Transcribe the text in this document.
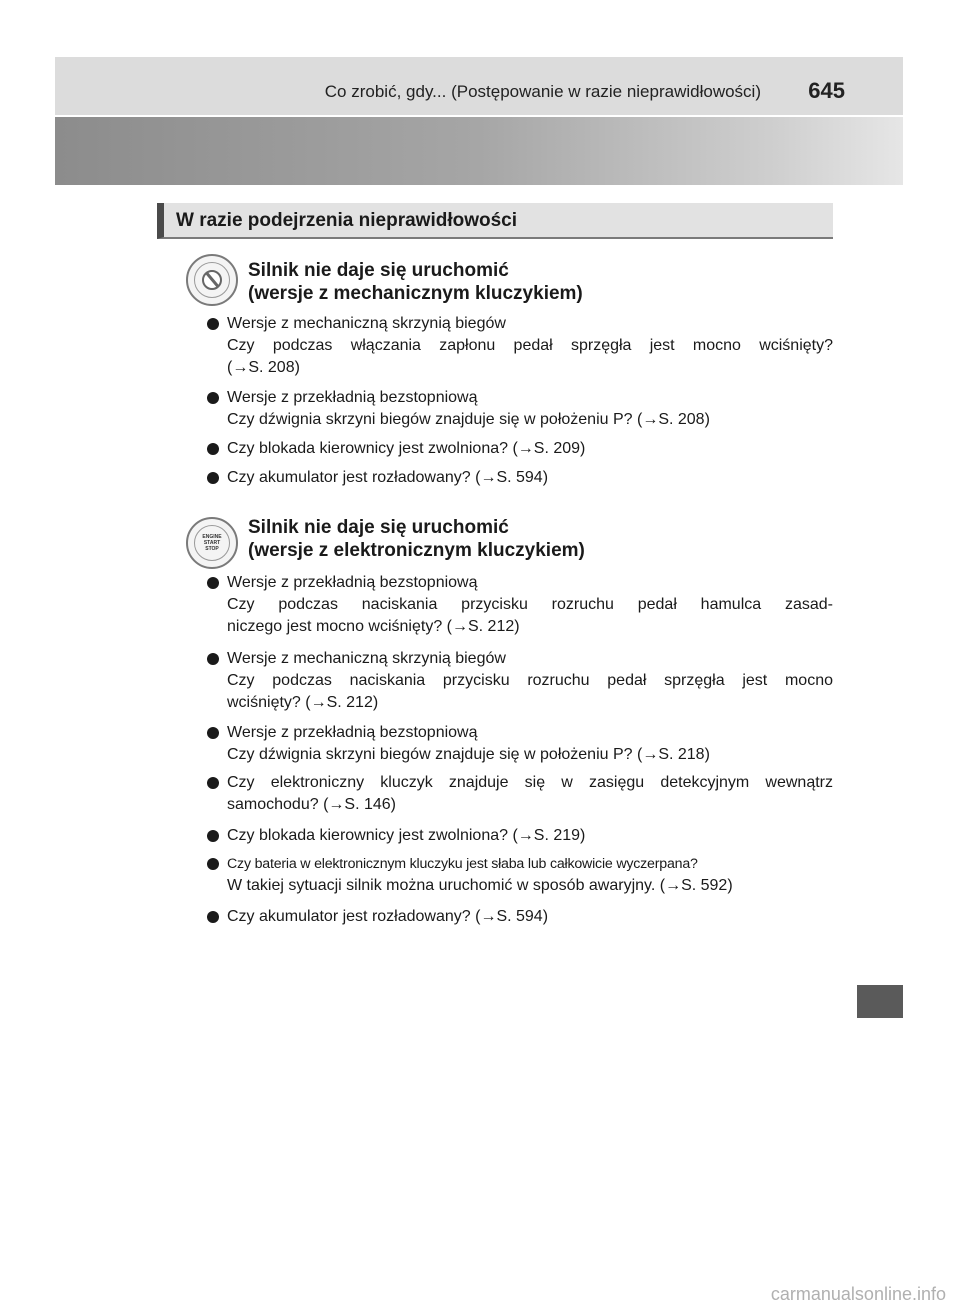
Co zrobić, gdy... (Postępowanie w razie nieprawidłowości) 645
W razie podejrzenia nieprawidłowości
Silnik nie daje się uruchomić
(wersje z mechanicznym kluczykiem)
Wersje z mechaniczną skrzynią biegów
Czy podczas włączania zapłonu pedał sprzęgła jest mocno wciśnięty?
(→S. 208)
Wersje z przekładnią bezstopniową
Czy dźwignia skrzyni biegów znajduje się w położeniu P? (→S. 208)
Czy blokada kierownicy jest zwolniona? (→S. 209)
Czy akumulator jest rozładowany? (→S. 594)
ENGINE
START
STOP
Silnik nie daje się uruchomić
(wersje z elektronicznym kluczykiem)
Wersje z przekładnią bezstopniową
Czy podczas naciskania przycisku rozruchu pedał hamulca zasad-
niczego jest mocno wciśnięty? (→S. 212)
Wersje z mechaniczną skrzynią biegów
Czy podczas naciskania przycisku rozruchu pedał sprzęgła jest mocno
wciśnięty? (→S. 212)
Wersje z przekładnią bezstopniową
Czy dźwignia skrzyni biegów znajduje się w położeniu P? (→S. 218)
Czy elektroniczny kluczyk znajduje się w zasięgu detekcyjnym wewnątrz
samochodu? (→S. 146)
Czy blokada kierownicy jest zwolniona? (→S. 219)
Czy bateria w elektronicznym kluczyku jest słaba lub całkowicie wyczerpana?
W takiej sytuacji silnik można uruchomić w sposób awaryjny. (→S. 592)
Czy akumulator jest rozładowany? (→S. 594)
carmanualsonline.info
